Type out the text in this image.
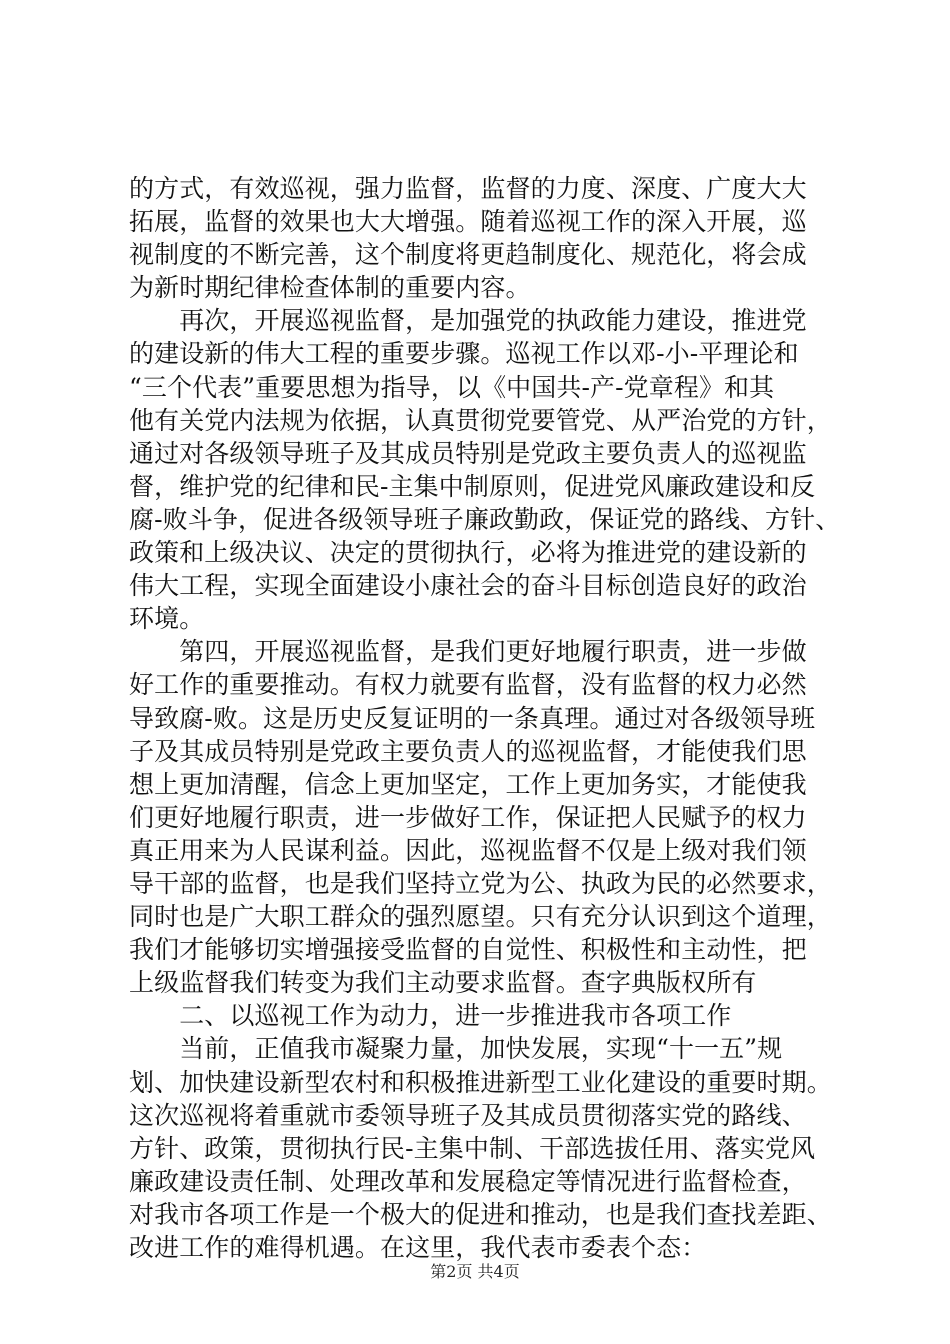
的方式，有效巡视，强力监督，监督的力度、深度、广度大大
拓展，监督的效果也大大增强。随着巡视工作的深入开展，巡
视制度的不断完善，这个制度将更趋制度化、规范化，将会成
为新时期纪律检查体制的重要内容。
　　再次，开展巡视监督，是加强党的执政能力建设，推进党
的建设新的伟大工程的重要步骤。巡视工作以邓-小-平理论和
“三个代表”重要思想为指导，以《中国共-产-党章程》和其
他有关党内法规为依据，认真贯彻党要管党、从严治党的方针，
通过对各级领导班子及其成员特别是党政主要负责人的巡视监
督，维护党的纪律和民-主集中制原则，促进党风廉政建设和反
腐-败斗争，促进各级领导班子廉政勤政，保证党的路线、方针、
政策和上级决议、决定的贯彻执行，必将为推进党的建设新的
伟大工程，实现全面建设小康社会的奋斗目标创造良好的政治
环境。
　　第四，开展巡视监督，是我们更好地履行职责，进一步做
好工作的重要推动。有权力就要有监督，没有监督的权力必然
导致腐-败。这是历史反复证明的一条真理。通过对各级领导班
子及其成员特别是党政主要负责人的巡视监督，才能使我们思
想上更加清醒，信念上更加坚定，工作上更加务实，才能使我
们更好地履行职责，进一步做好工作，保证把人民赋予的权力
真正用来为人民谋利益。因此，巡视监督不仅是上级对我们领
导干部的监督，也是我们坚持立党为公、执政为民的必然要求，
同时也是广大职工群众的强烈愿望。只有充分认识到这个道理，
我们才能够切实增强接受监督的自觉性、积极性和主动性，把
上级监督我们转变为我们主动要求监督。查字典版权所有
　　二、以巡视工作为动力，进一步推进我市各项工作
　　当前，正值我市凝聚力量，加快发展，实现“十一五”规
划、加快建设新型农村和积极推进新型工业化建设的重要时期。
这次巡视将着重就市委领导班子及其成员贯彻落实党的路线、
方针、政策，贯彻执行民-主集中制、干部选拔任用、落实党风
廉政建设责任制、处理改革和发展稳定等情况进行监督检查，
对我市各项工作是一个极大的促进和推动，也是我们查找差距、
改进工作的难得机遇。在这里，我代表市委表个态：
第2页 共4页
